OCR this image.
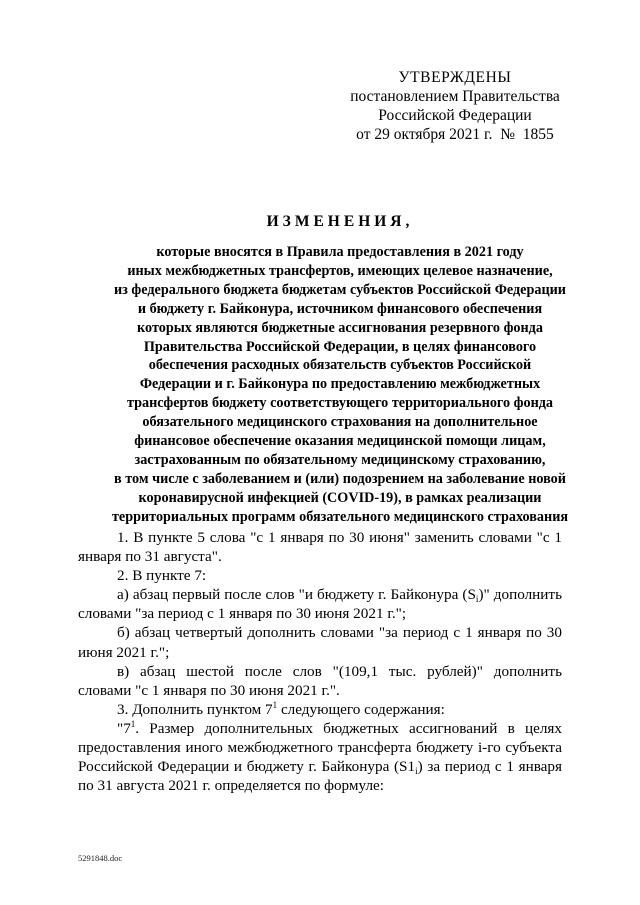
УТВЕРЖДЕНЫ
постановлением Правительства
Российской Федерации
от 29 октября 2021 г.  №  1855
ИЗМЕНЕНИЯ,
которые вносятся в Правила предоставления в 2021 году
иных межбюджетных трансфертов, имеющих целевое назначение,
из федерального бюджета бюджетам субъектов Российской Федерации
и бюджету г. Байконура, источником финансового обеспечения
которых являются бюджетные ассигнования резервного фонда
Правительства Российской Федерации, в целях финансового
обеспечения расходных обязательств субъектов Российской
Федерации и г. Байконура по предоставлению межбюджетных
трансфертов бюджету соответствующего территориального фонда
обязательного медицинского страхования на дополнительное
финансовое обеспечение оказания медицинской помощи лицам,
застрахованным по обязательному медицинскому страхованию,
в том числе с заболеванием и (или) подозрением на заболевание новой
коронавирусной инфекцией (COVID-19), в рамках реализации
территориальных программ обязательного медицинского страхования

1. В пункте 5 слова "с 1 января по 30 июня" заменить словами "с 1 января по 31 августа".

2. В пункте 7:

а) абзац первый после слов "и бюджету г. Байконура $(S_i)$" дополнить словами "за период с 1 января по 30 июня 2021 г.";

б) абзац четвертый дополнить словами "за период с 1 января по 30 июня 2021 г.";

в) абзац шестой после слов "(109,1 тыс. рублей)" дополнить словами "с 1 января по 30 июня 2021 г.".

3. Дополнить пунктом $7^1$ следующего содержания:

"$7^1$. Размер дополнительных бюджетных ассигнований в целях предоставления иного межбюджетного трансферта бюджету i-го субъекта Российской Федерации и бюджету г. Байконура $(S1_i)$ за период с 1 января по 31 августа 2021 г. определяется по формуле:

5291848.doc
